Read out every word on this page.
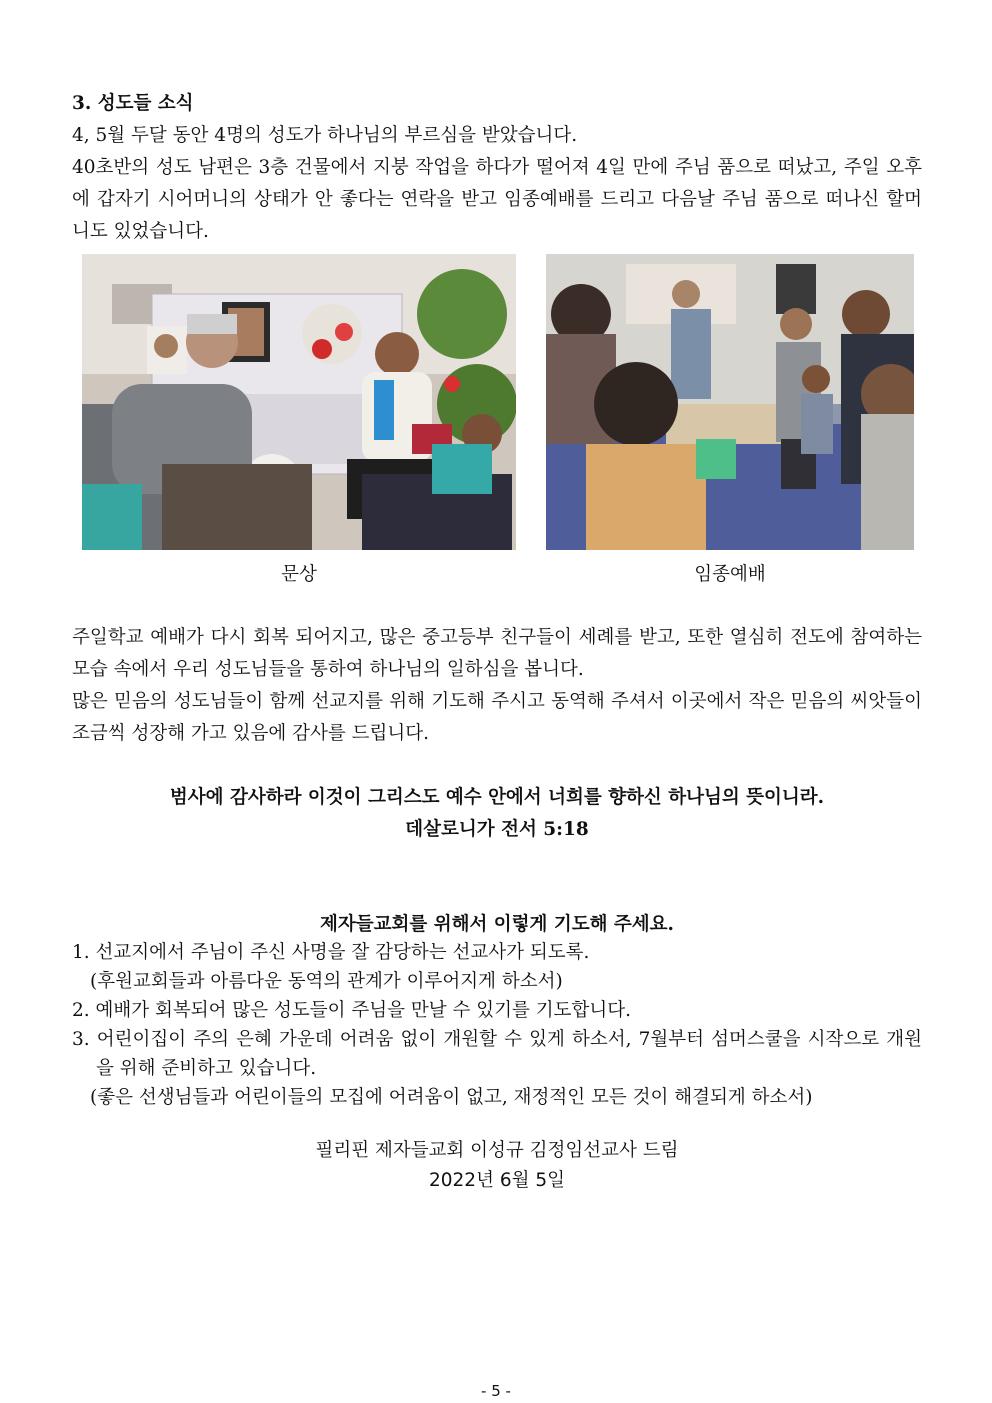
3. 성도들 소식
4, 5월 두달 동안 4명의 성도가 하나님의 부르심을 받았습니다.
40초반의 성도 남편은 3층 건물에서 지붕 작업을 하다가 떨어져 4일 만에 주님 품으로 떠났고, 주일 오후에 갑자기 시어머니의 상태가 안 좋다는 연락을 받고 임종예배를 드리고 다음날 주님 품으로 떠나신 할머니도 있었습니다.
문상	임종예배
주일학교 예배가 다시 회복 되어지고, 많은 중고등부 친구들이 세례를 받고, 또한 열심히 전도에 참여하는 모습 속에서 우리 성도님들을 통하여 하나님의 일하심을 봅니다.
많은 믿음의 성도님들이 함께 선교지를 위해 기도해 주시고 동역해 주셔서 이곳에서 작은 믿음의 씨앗들이 조금씩 성장해 가고 있음에 감사를 드립니다.
범사에 감사하라 이것이 그리스도 예수 안에서 너희를 향하신 하나님의 뜻이니라.
데살로니가 전서 5:18
제자들교회를 위해서 이렇게 기도해 주세요.
1. 선교지에서 주님이 주신 사명을 잘 감당하는 선교사가 되도록.
(후원교회들과 아름다운 동역의 관계가 이루어지게 하소서)
2. 예배가 회복되어 많은 성도들이 주님을 만날 수 있기를 기도합니다.
3. 어린이집이 주의 은혜 가운데 어려움 없이 개원할 수 있게 하소서, 7월부터 섬머스쿨을 시작으로 개원을 위해 준비하고 있습니다.
(좋은 선생님들과 어린이들의 모집에 어려움이 없고, 재정적인 모든 것이 해결되게 하소서)
필리핀 제자들교회 이성규 김정임선교사 드림
2022년 6월 5일
- 5 -
